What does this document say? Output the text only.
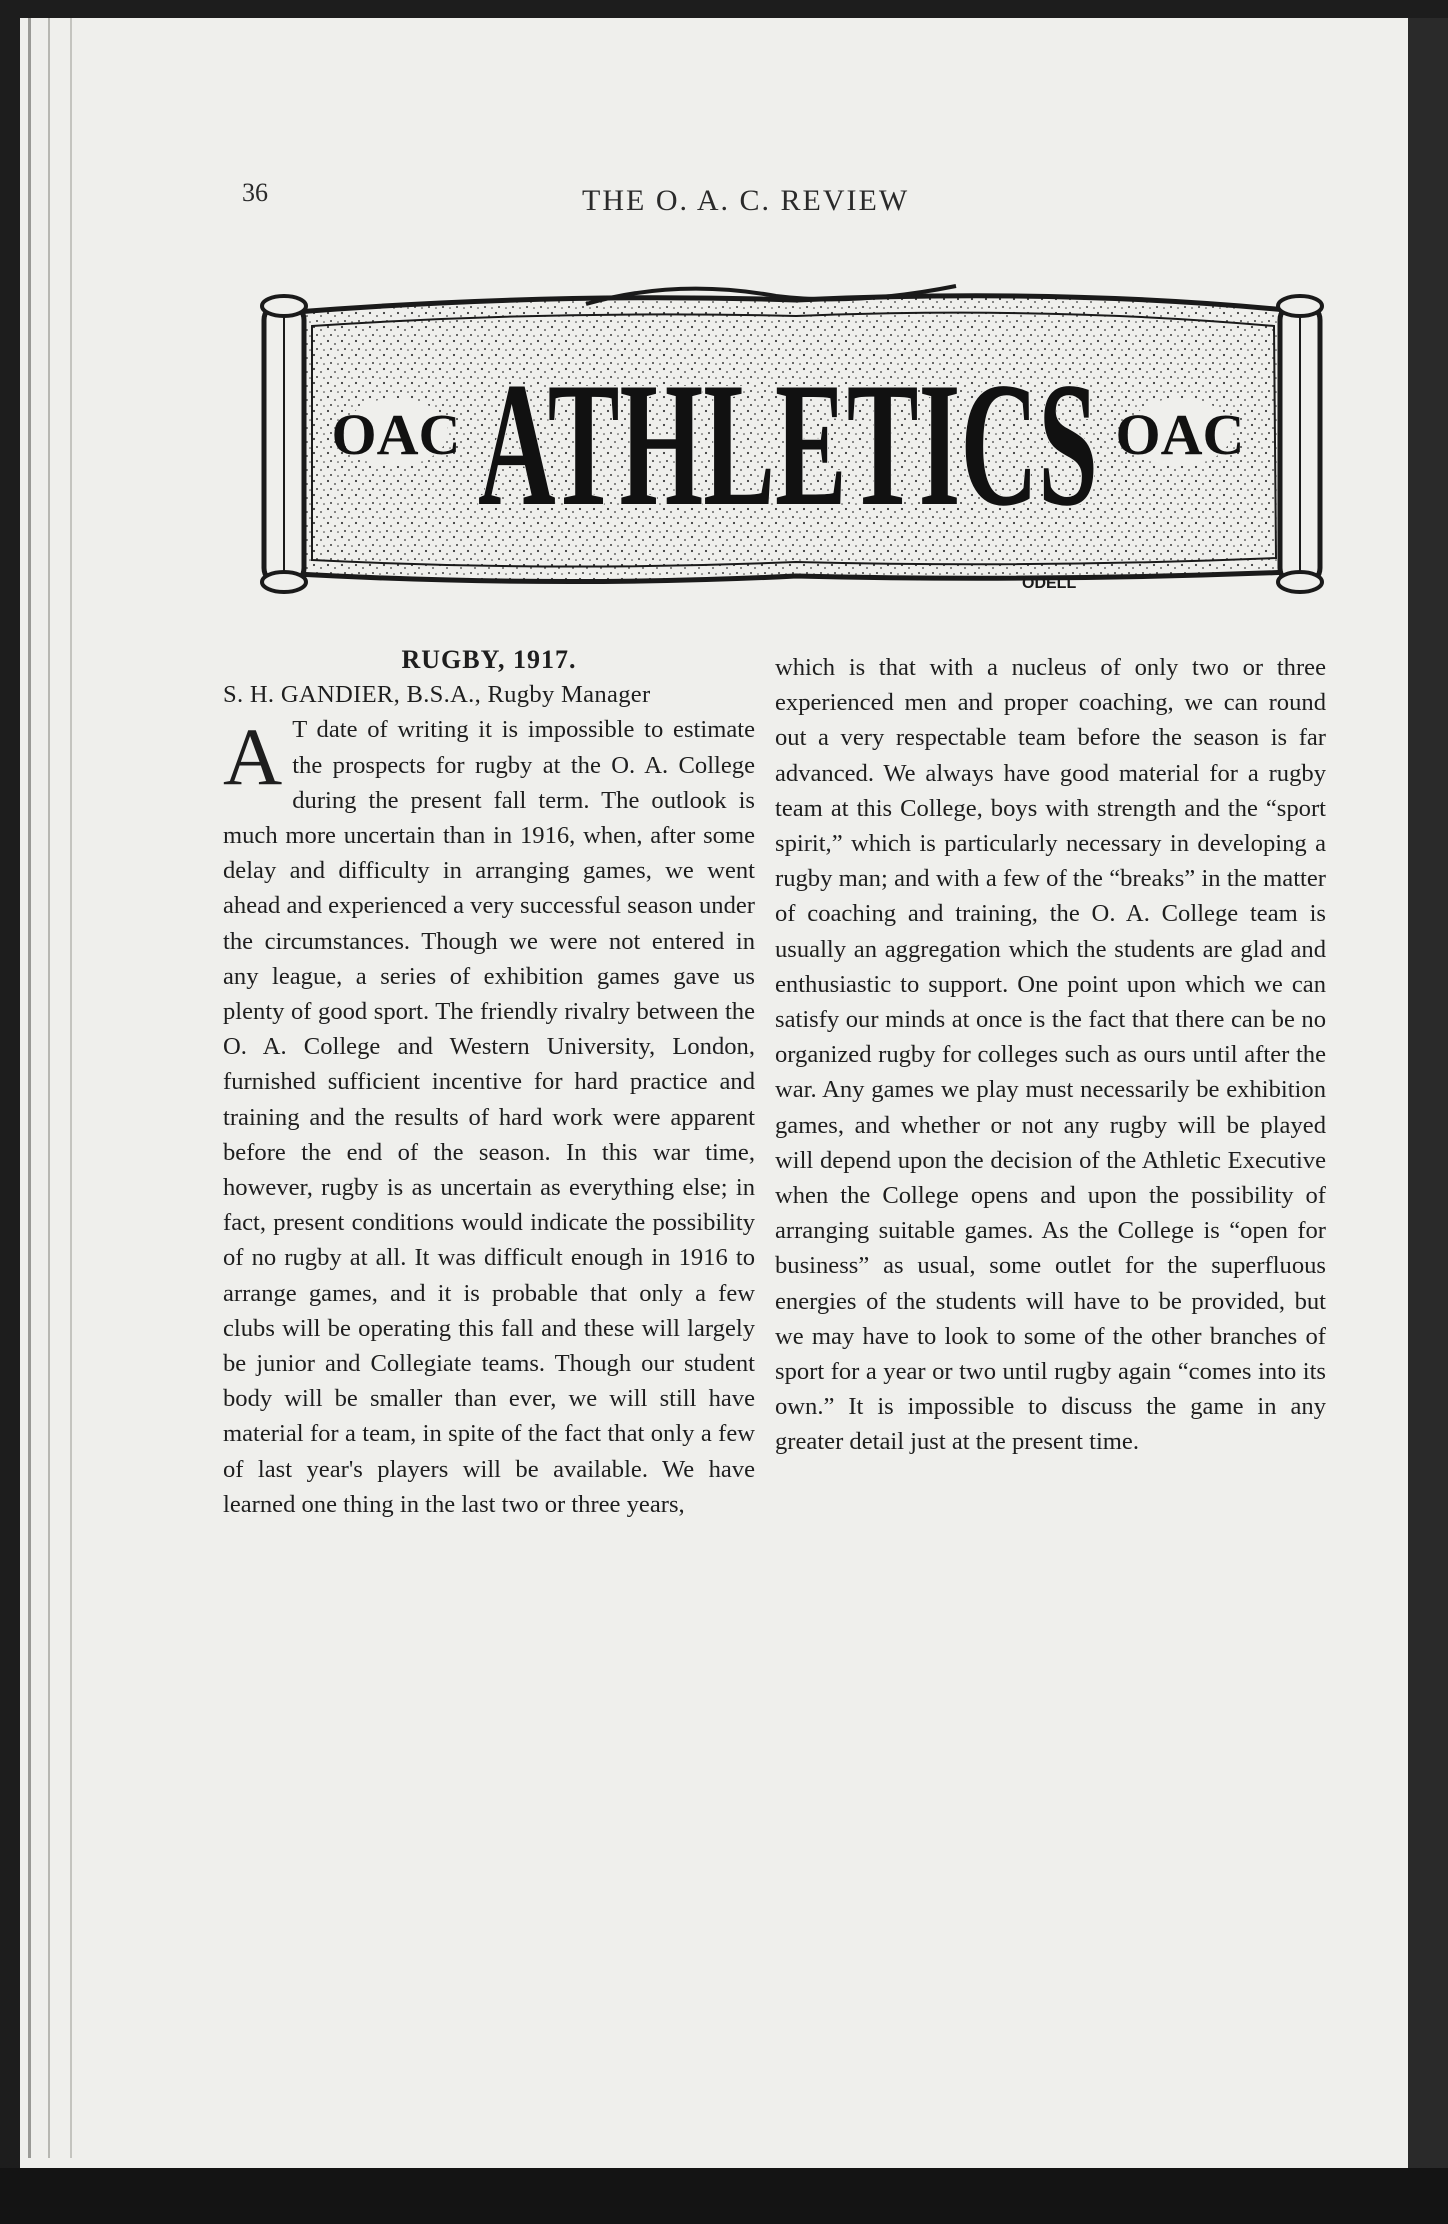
36	THE O. A. C. REVIEW
OAC	OAC
ATHLETICS
ODELL

RUGBY, 1917.

S. H. GANDIER, B.S.A., Rugby Manager

A T date of writing it is impossible to estimate the prospects for rugby at the O. A. College during the present fall term. The outlook is much more uncertain than in 1916, when, after some delay and difficulty in arranging games, we went ahead and experienced a very successful season under the circumstances. Though we were not entered in any league, a series of exhibition games gave us plenty of good sport. The friendly rivalry between the O. A. College and Western University, London, furnished sufficient incentive for hard practice and training and the results of hard work were apparent before the end of the season. In this war time, however, rugby is as uncertain as everything else; in fact, present conditions would indicate the possibility of no rugby at all. It was difficult enough in 1916 to arrange games, and it is probable that only a few clubs will be operating this fall and these will largely be junior and Collegiate teams. Though our student body will be smaller than ever, we will still have material for a team, in spite of the fact that only a few of last year's players will be available. We have learned one thing in the last two or three years,

which is that with a nucleus of only two or three experienced men and proper coaching, we can round out a very respectable team before the season is far advanced. We always have good material for a rugby team at this College, boys with strength and the “sport spirit,” which is particularly necessary in developing a rugby man; and with a few of the “breaks” in the matter of coaching and training, the O. A. College team is usually an aggregation which the students are glad and enthusiastic to support. One point upon which we can satisfy our minds at once is the fact that there can be no organized rugby for colleges such as ours until after the war. Any games we play must necessarily be exhibition games, and whether or not any rugby will be played will depend upon the decision of the Athletic Executive when the College opens and upon the possibility of arranging suitable games. As the College is “open for business” as usual, some outlet for the superfluous energies of the students will have to be provided, but we may have to look to some of the other branches of sport for a year or two until rugby again “comes into its own.” It is impossible to discuss the game in any greater detail just at the present time.
